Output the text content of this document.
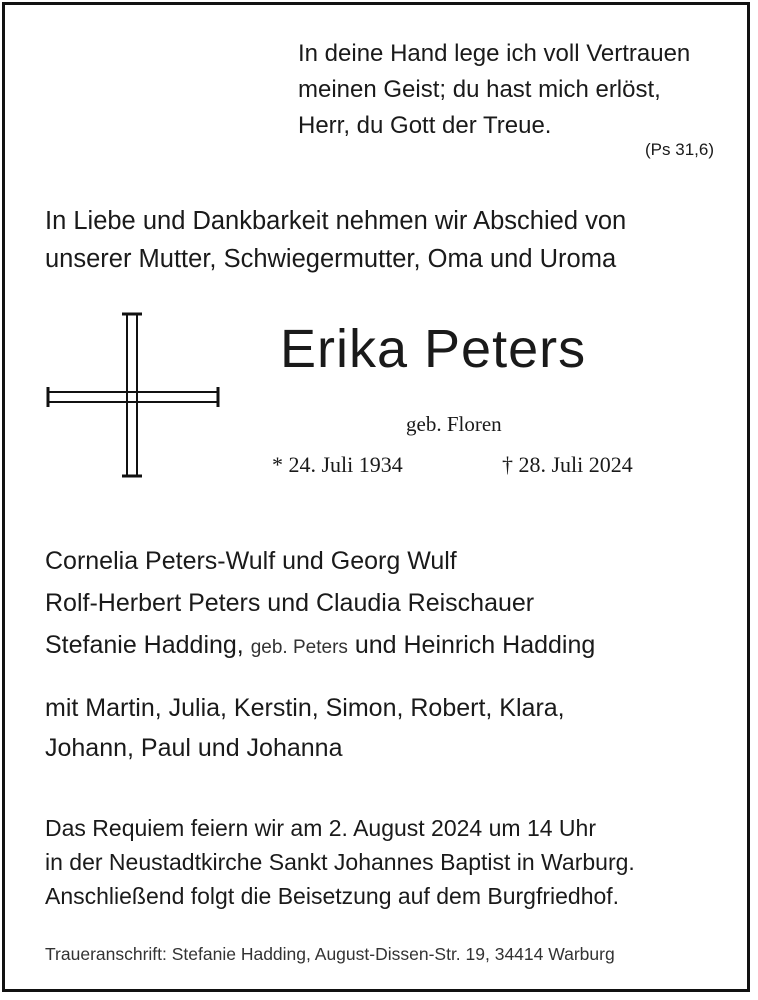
In deine Hand lege ich voll Vertrauen
meinen Geist; du hast mich erlöst,
Herr, du Gott der Treue.
(Ps 31,6)
In Liebe und Dankbarkeit nehmen wir Abschied von
unserer Mutter, Schwiegermutter, Oma und Uroma
Erika Peters
geb. Floren
* 24. Juli 1934	† 28. Juli 2024
Cornelia Peters-Wulf und Georg Wulf
Rolf-Herbert Peters und Claudia Reischauer
Stefanie Hadding, geb. Peters und Heinrich Hadding
mit Martin, Julia, Kerstin, Simon, Robert, Klara,
Johann, Paul und Johanna
Das Requiem feiern wir am 2. August 2024 um 14 Uhr
in der Neustadtkirche Sankt Johannes Baptist in Warburg.
Anschließend folgt die Beisetzung auf dem Burgfriedhof.
Traueranschrift: Stefanie Hadding, August-Dissen-Str. 19, 34414 Warburg
